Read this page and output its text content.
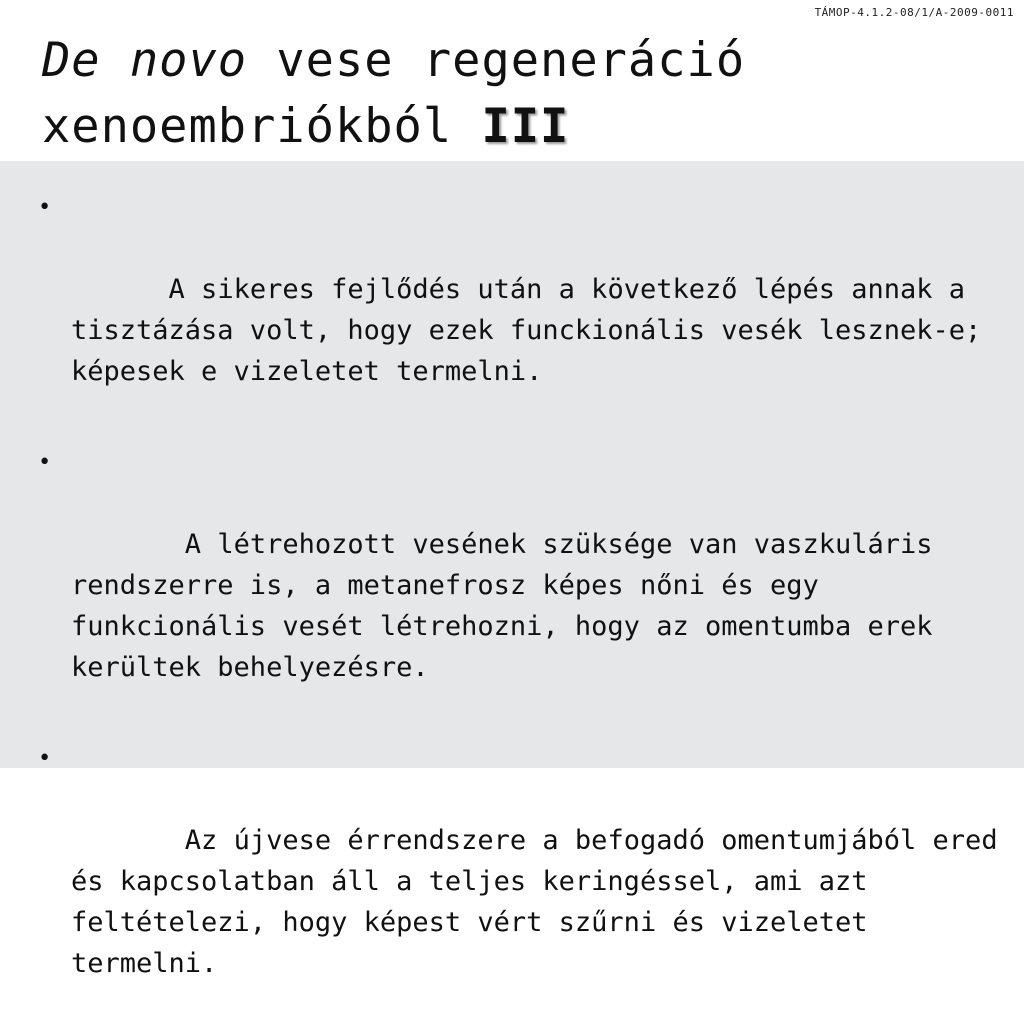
TÁMOP-4.1.2-08/1/A-2009-0011
De novo vese regeneráció
xenoembriókból III

•

A sikeres fejlődés után a következő lépés annak a tisztázása volt, hogy ezek funckionális vesék lesznek-e; képesek e vizeletet termelni.

•

A létrehozott vesének szüksége van vaszkuláris rendszerre is, a metanefrosz képes nőni és egy funkcionális vesét létrehozni, hogy az omentumba erek kerültek behelyezésre.

•

Az újvese érrendszere a befogadó omentumjából ered és kapcsolatban áll a teljes keringéssel, ami azt feltételezi, hogy képest vért szűrni és vizeletet termelni.
